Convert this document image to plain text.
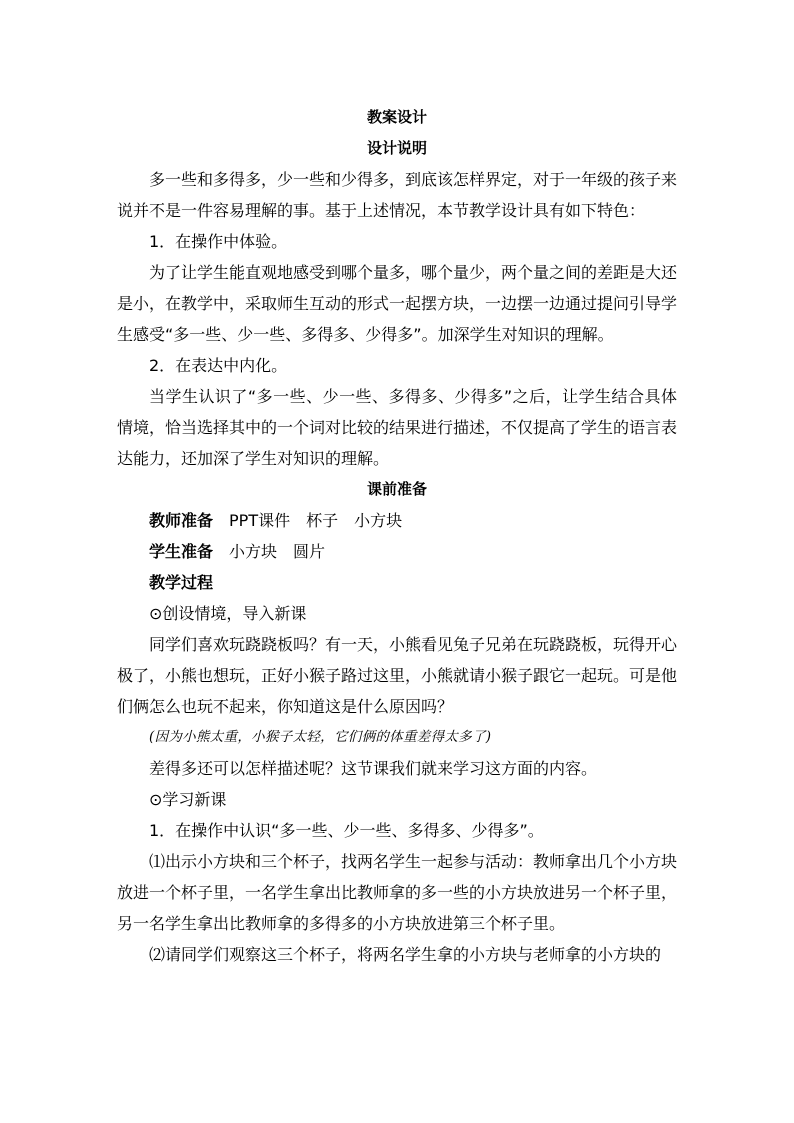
教案设计
设计说明

多一些和多得多，少一些和少得多，到底该怎样界定，对于一年级的孩子来说并不是一件容易理解的事。基于上述情况，本节教学设计具有如下特色：

1．在操作中体验。

为了让学生能直观地感受到哪个量多，哪个量少，两个量之间的差距是大还是小，在教学中，采取师生互动的形式一起摆方块，一边摆一边通过提问引导学生感受“多一些、少一些、多得多、少得多”。加深学生对知识的理解。

2．在表达中内化。

当学生认识了“多一些、少一些、多得多、少得多”之后，让学生结合具体情境，恰当选择其中的一个词对比较的结果进行描述，不仅提高了学生的语言表达能力，还加深了学生对知识的理解。

课前准备

教师准备 PPT课件 杯子 小方块

学生准备 小方块 圆片

教学过程

⊙创设情境，导入新课

同学们喜欢玩跷跷板吗？有一天，小熊看见兔子兄弟在玩跷跷板，玩得开心极了，小熊也想玩，正好小猴子路过这里，小熊就请小猴子跟它一起玩。可是他们俩怎么也玩不起来，你知道这是什么原因吗？

(因为小熊太重，小猴子太轻，它们俩的体重差得太多了)

差得多还可以怎样描述呢？这节课我们就来学习这方面的内容。

⊙学习新课

1．在操作中认识“多一些、少一些、多得多、少得多”。

⑴出示小方块和三个杯子，找两名学生一起参与活动：教师拿出几个小方块放进一个杯子里，一名学生拿出比教师拿的多一些的小方块放进另一个杯子里，另一名学生拿出比教师拿的多得多的小方块放进第三个杯子里。

⑵请同学们观察这三个杯子，将两名学生拿的小方块与老师拿的小方块的
